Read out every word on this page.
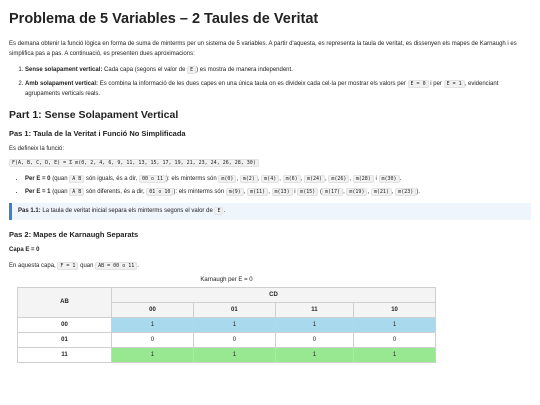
Problema de 5 Variables – 2 Taules de Veritat

Es demana obtenir la funció lògica en forma de suma de minterms per un sistema de 5 variables. A partir d'aquesta, es representa la taula de veritat, es dissenyen els mapes de Karnaugh i es simplifica pas a pas. A continuació, es presenten dues aproximacions:

1. Sense solapament vertical: Cada capa (segons el valor de E ) es mostra de manera independent.
2. Amb solapament vertical: Es combina la informació de les dues capes en una única taula on es divideix cada cel·la per mostrar els valors per E = 0 i per E = 1 , evidenciant agrupaments verticals reals.
Part 1: Sense Solapament Vertical
Pas 1: Taula de la Veritat i Funció No Simplificada

Es defineix la funció:

F(A, B, C, D, E) = Σ m(0, 2, 4, 6, 9, 11, 13, 15, 17, 19, 21, 23, 24, 26, 28, 30)

• Per E = 0 (quan A B són iguals, és a dir, 00 o 11 ): els minterms són m(0) , m(2) , m(4) , m(6) , m(24) , m(26) , m(28) i m(30) .
• Per E = 1 (quan A B són diferents, és a dir, 01 o 10 ): els minterms són m(9) , m(11) , m(13) i m(15) ( m(17) , m(19) , m(21) , m(23) ).
Pas 1.1: La taula de veritat inicial separa els minterms segons el valor de E .
Pas 2: Mapes de Karnaugh Separats
Capa E = 0

En aquesta capa, F = 1 quan AB = 00 o 11 .

Karnaugh per E = 0
AB	CD			
	00	01	11	10
00	1	1	1	1
01	0	0	0	0
11	1	1	1	1
